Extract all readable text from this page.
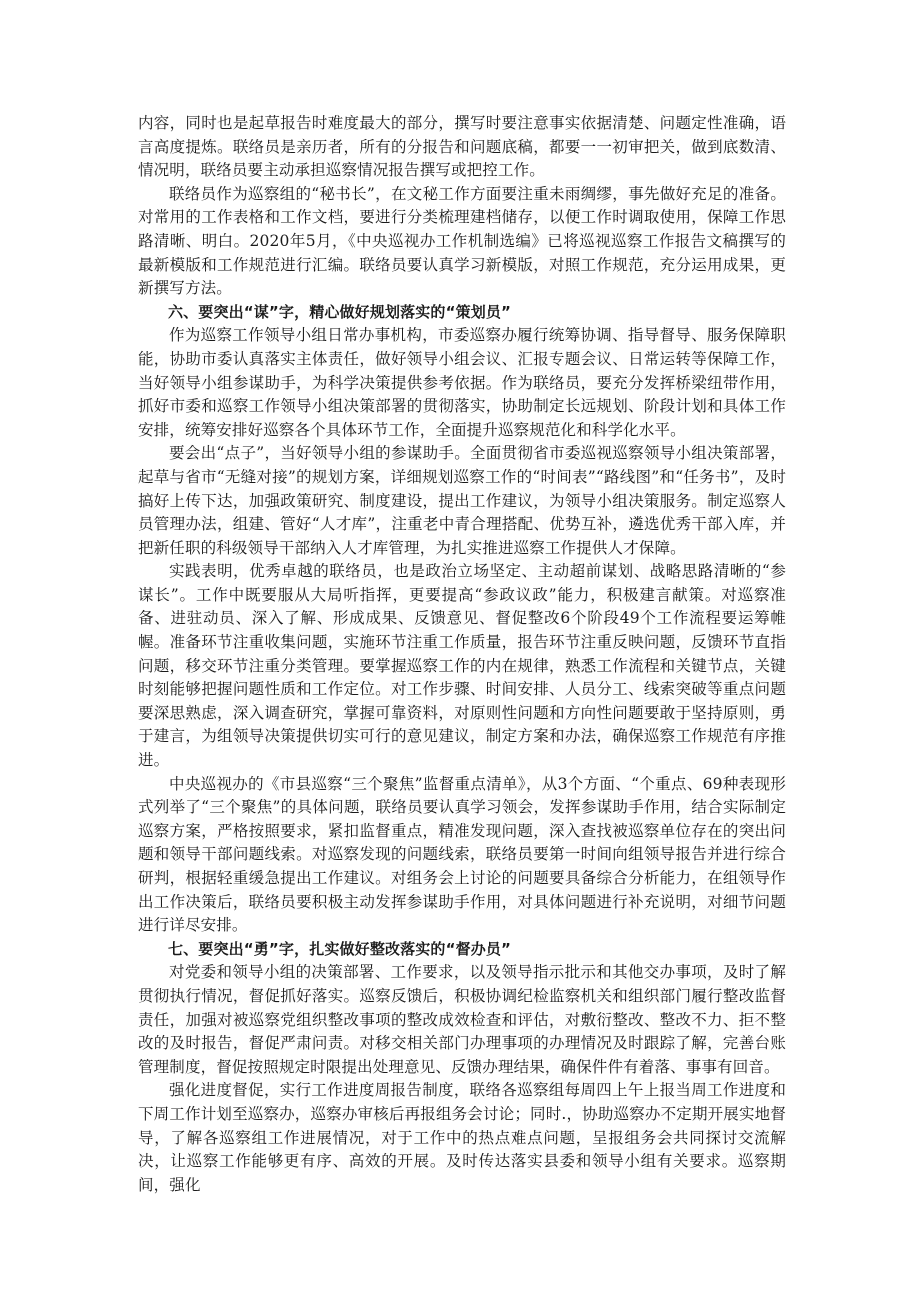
内容，同时也是起草报告时难度最大的部分，撰写时要注意事实依据清楚、问题定性准确，语言高度提炼。联络员是亲历者，所有的分报告和问题底稿，都要一一初审把关，做到底数清、情况明，联络员要主动承担巡察情况报告撰写或把控工作。

联络员作为巡察组的“秘书长”，在文秘工作方面要注重未雨绸缪，事先做好充足的准备。对常用的工作表格和工作文档，要进行分类梳理建档储存，以便工作时调取使用，保障工作思路清晰、明白。2020年5月，《中央巡视办工作机制选编》已将巡视巡察工作报告文稿撰写的最新模版和工作规范进行汇编。联络员要认真学习新模版，对照工作规范，充分运用成果，更新撰写方法。

六、要突出“谋”字，精心做好规划落实的“策划员”

作为巡察工作领导小组日常办事机构，市委巡察办履行统筹协调、指导督导、服务保障职能，协助市委认真落实主体责任，做好领导小组会议、汇报专题会议、日常运转等保障工作，当好领导小组参谋助手，为科学决策提供参考依据。作为联络员，要充分发挥桥梁纽带作用，抓好市委和巡察工作领导小组决策部署的贯彻落实，协助制定长远规划、阶段计划和具体工作安排，统筹安排好巡察各个具体环节工作，全面提升巡察规范化和科学化水平。

要会出“点子”，当好领导小组的参谋助手。全面贯彻省市委巡视巡察领导小组决策部署，起草与省市“无缝对接”的规划方案，详细规划巡察工作的“时间表”“路线图”和“任务书”，及时搞好上传下达，加强政策研究、制度建设，提出工作建议，为领导小组决策服务。制定巡察人员管理办法，组建、管好“人才库”，注重老中青合理搭配、优势互补，遴选优秀干部入库，并把新任职的科级领导干部纳入人才库管理，为扎实推进巡察工作提供人才保障。

实践表明，优秀卓越的联络员，也是政治立场坚定、主动超前谋划、战略思路清晰的“参谋长”。工作中既要服从大局听指挥，更要提高“参政议政”能力，积极建言献策。对巡察准备、进驻动员、深入了解、形成成果、反馈意见、督促整改6个阶段49个工作流程要运筹帷幄。准备环节注重收集问题，实施环节注重工作质量，报告环节注重反映问题，反馈环节直指问题，移交环节注重分类管理。要掌握巡察工作的内在规律，熟悉工作流程和关键节点，关键时刻能够把握问题性质和工作定位。对工作步骤、时间安排、人员分工、线索突破等重点问题要深思熟虑，深入调查研究，掌握可靠资料，对原则性问题和方向性问题要敢于坚持原则，勇于建言，为组领导决策提供切实可行的意见建议，制定方案和办法，确保巡察工作规范有序推进。

中央巡视办的《市县巡察“三个聚焦”监督重点清单》，从3个方面、“个重点、69种表现形式列举了“三个聚焦”的具体问题，联络员要认真学习领会，发挥参谋助手作用，结合实际制定巡察方案，严格按照要求，紧扣监督重点，精准发现问题，深入查找被巡察单位存在的突出问题和领导干部问题线索。对巡察发现的问题线索，联络员要第一时间向组领导报告并进行综合研判，根据轻重缓急提出工作建议。对组务会上讨论的问题要具备综合分析能力，在组领导作出工作决策后，联络员要积极主动发挥参谋助手作用，对具体问题进行补充说明，对细节问题进行详尽安排。

七、要突出“勇”字，扎实做好整改落实的“督办员”

对党委和领导小组的决策部署、工作要求，以及领导指示批示和其他交办事项，及时了解贯彻执行情况，督促抓好落实。巡察反馈后，积极协调纪检监察机关和组织部门履行整改监督责任，加强对被巡察党组织整改事项的整改成效检查和评估，对敷衍整改、整改不力、拒不整改的及时报告，督促严肃问责。对移交相关部门办理事项的办理情况及时跟踪了解，完善台账管理制度，督促按照规定时限提出处理意见、反馈办理结果，确保件件有着落、事事有回音。

强化进度督促，实行工作进度周报告制度，联络各巡察组每周四上午上报当周工作进度和下周工作计划至巡察办，巡察办审核后再报组务会讨论；同时.，协助巡察办不定期开展实地督导，了解各巡察组工作进展情况，对于工作中的热点难点问题，呈报组务会共同探讨交流解决，让巡察工作能够更有序、高效的开展。及时传达落实县委和领导小组有关要求。巡察期间，强化
